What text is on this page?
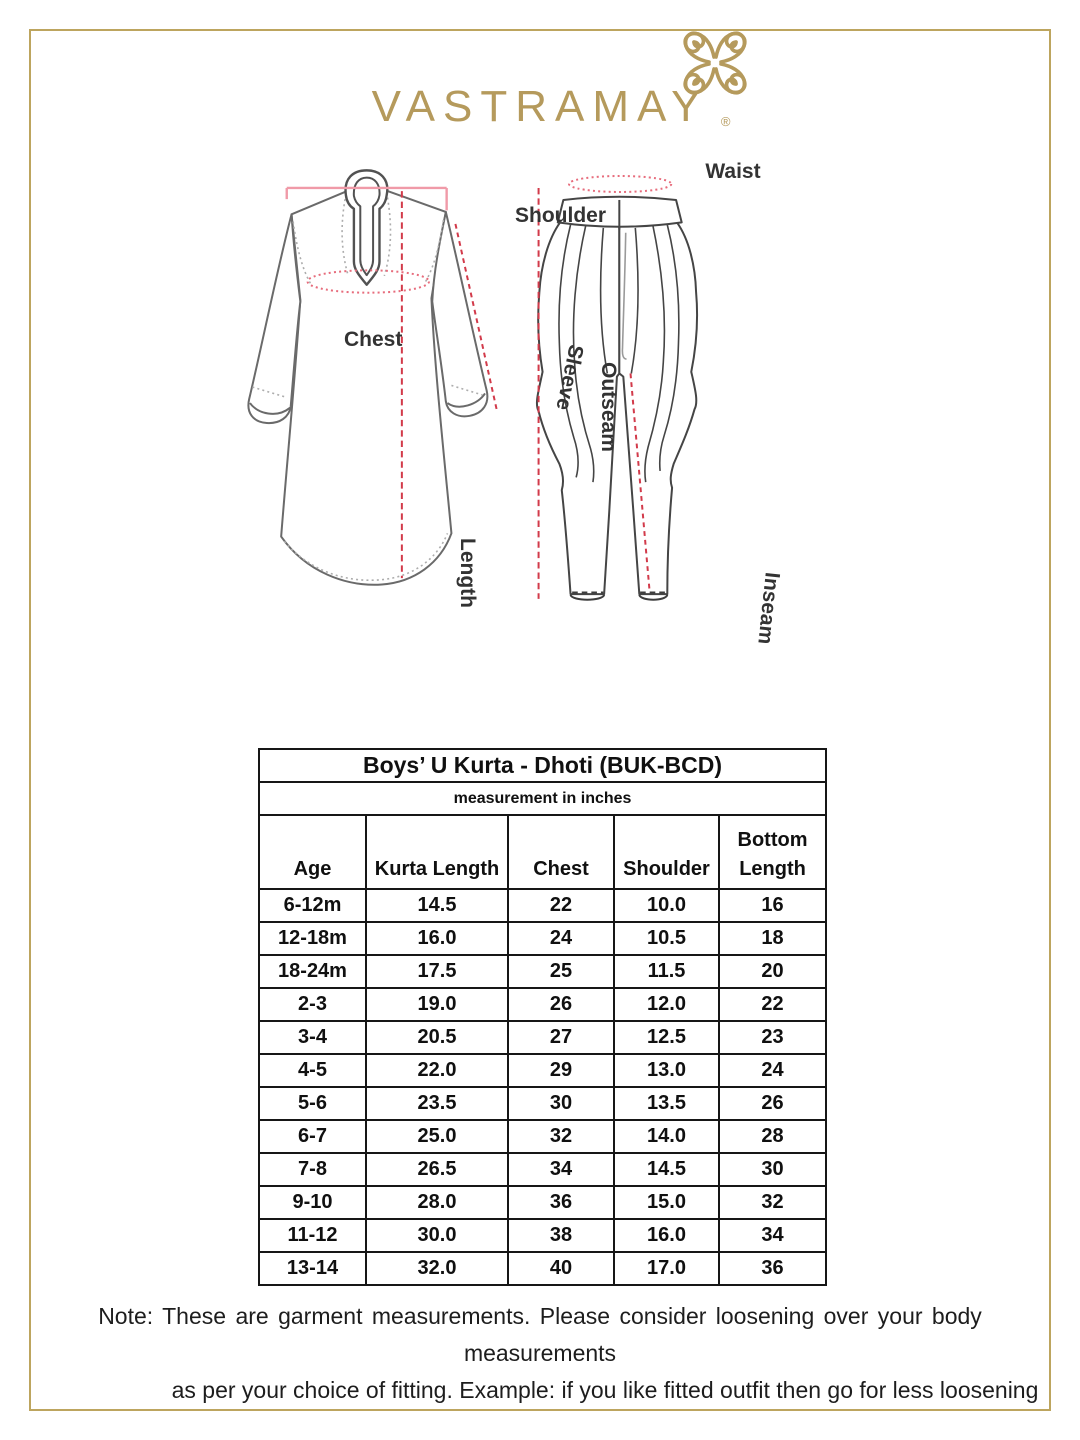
VASTRAMAY ®
Shoulder
Chest
Sleeve
Length
Outseam
Waist
Inseam
Boys’ U Kurta - Dhoti (BUK-BCD)				
measurement in inches				
Age	Kurta Length	Chest	Shoulder	Bottom Length
6-12m	14.5	22	10.0	16
12-18m	16.0	24	10.5	18
18-24m	17.5	25	11.5	20
2-3	19.0	26	12.0	22
3-4	20.5	27	12.5	23
4-5	22.0	29	13.0	24
5-6	23.5	30	13.5	26
6-7	25.0	32	14.0	28
7-8	26.5	34	14.5	30
9-10	28.0	36	15.0	32
11-12	30.0	38	16.0	34
13-14	32.0	40	17.0	36
Note: These are garment measurements. Please consider loosening over your body measurements
as per your choice of fitting. Example: if you like fitted outfit then go for less loosening
